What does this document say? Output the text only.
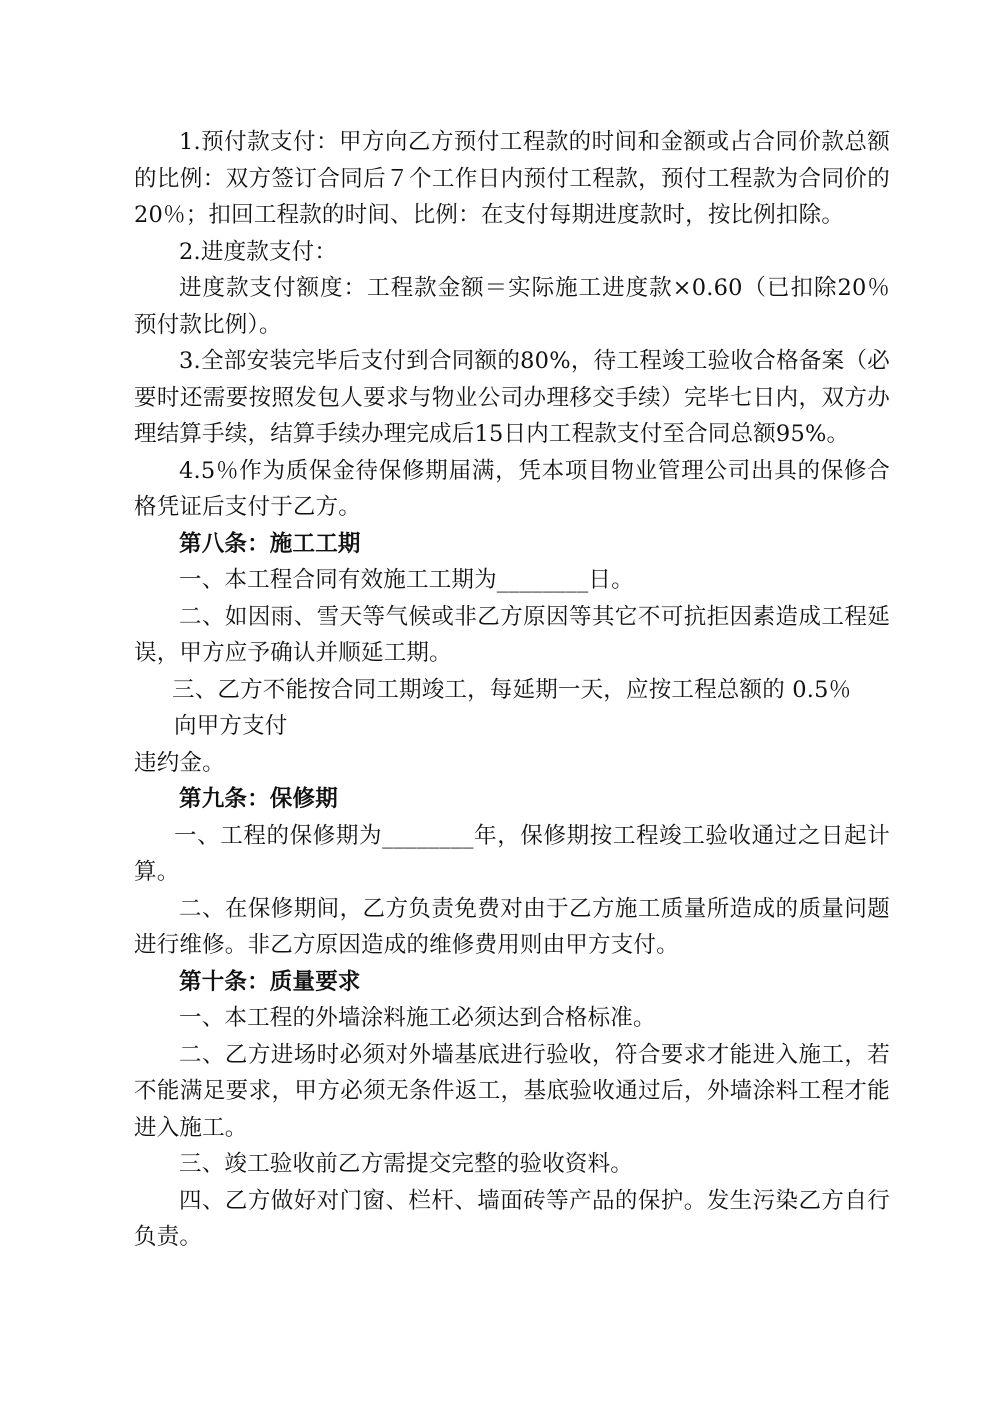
1.预付款支付：甲方向乙方预付工程款的时间和金额或占合同价款总额的比例：双方签订合同后７个工作日内预付工程款，预付工程款为合同价的20％；扣回工程款的时间、比例：在支付每期进度款时，按比例扣除。

2.进度款支付：

进度款支付额度：工程款金额＝实际施工进度款×0.60（已扣除20％预付款比例）。

3.全部安装完毕后支付到合同额的80%，待工程竣工验收合格备案（必要时还需要按照发包人要求与物业公司办理移交手续）完毕七日内，双方办理结算手续，结算手续办理完成后15日内工程款支付至合同总额95%。

4.5％作为质保金待保修期届满，凭本项目物业管理公司出具的保修合格凭证后支付于乙方。

第八条：施工工期

一、本工程合同有效施工工期为________日。

二、如因雨、雪天等气候或非乙方原因等其它不可抗拒因素造成工程延误，甲方应予确认并顺延工期。

三、乙方不能按合同工期竣工，每延期一天，应按工程总额的 0.5％

向甲方支付

违约金。

第九条：保修期

一、工程的保修期为________年，保修期按工程竣工验收通过之日起计算。

二、在保修期间，乙方负责免费对由于乙方施工质量所造成的质量问题进行维修。非乙方原因造成的维修费用则由甲方支付。

第十条：质量要求

一、本工程的外墙涂料施工必须达到合格标准。

二、乙方进场时必须对外墙基底进行验收，符合要求才能进入施工，若不能满足要求，甲方必须无条件返工，基底验收通过后，外墙涂料工程才能进入施工。

三、竣工验收前乙方需提交完整的验收资料。

四、乙方做好对门窗、栏杆、墙面砖等产品的保护。发生污染乙方自行负责。
